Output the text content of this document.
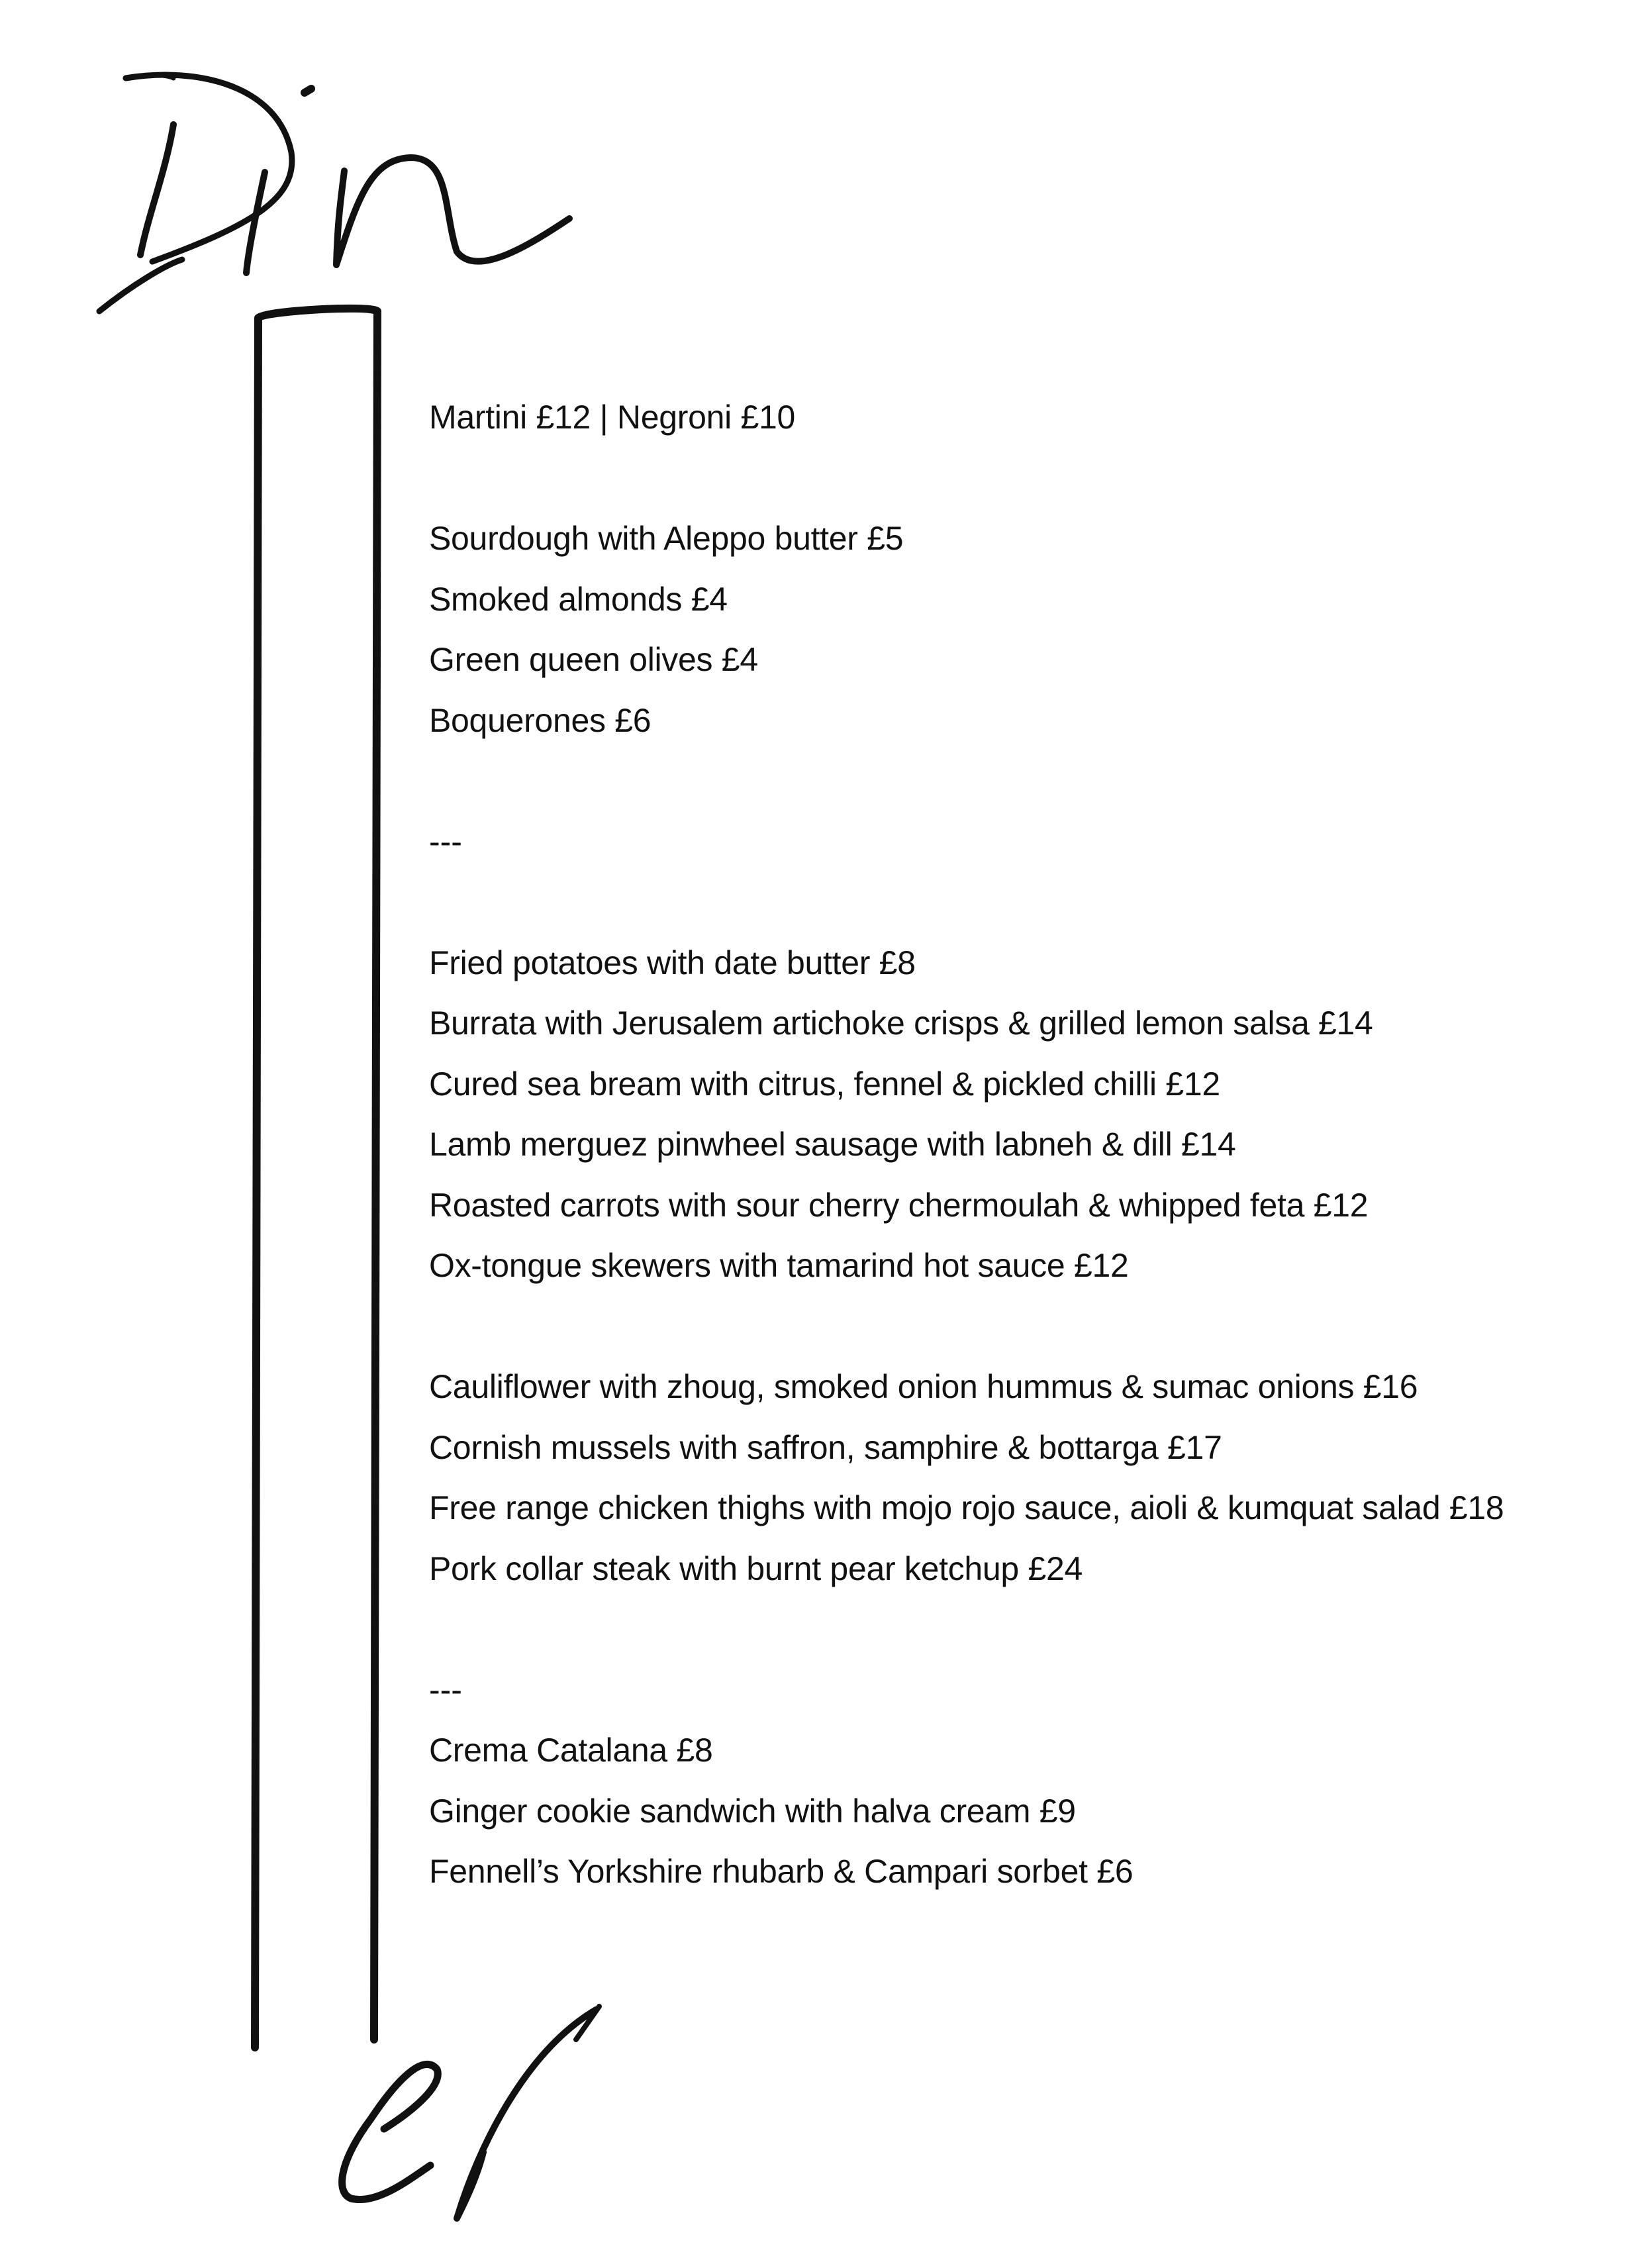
Martini £12 | Negroni £10
Sourdough with Aleppo butter £5
Smoked almonds £4
Green queen olives £4
Boquerones £6
---
Fried potatoes with date butter £8
Burrata with Jerusalem artichoke crisps & grilled lemon salsa £14
Cured sea bream with citrus, fennel & pickled chilli £12
Lamb merguez pinwheel sausage with labneh & dill £14
Roasted carrots with sour cherry chermoulah & whipped feta £12
Ox-tongue skewers with tamarind hot sauce £12
Cauliflower with zhoug, smoked onion hummus & sumac onions £16
Cornish mussels with saffron, samphire & bottarga £17
Free range chicken thighs with mojo rojo sauce, aioli & kumquat salad £18
Pork collar steak with burnt pear ketchup £24
---
Crema Catalana £8
Ginger cookie sandwich with halva cream £9
Fennell’s Yorkshire rhubarb & Campari sorbet £6
